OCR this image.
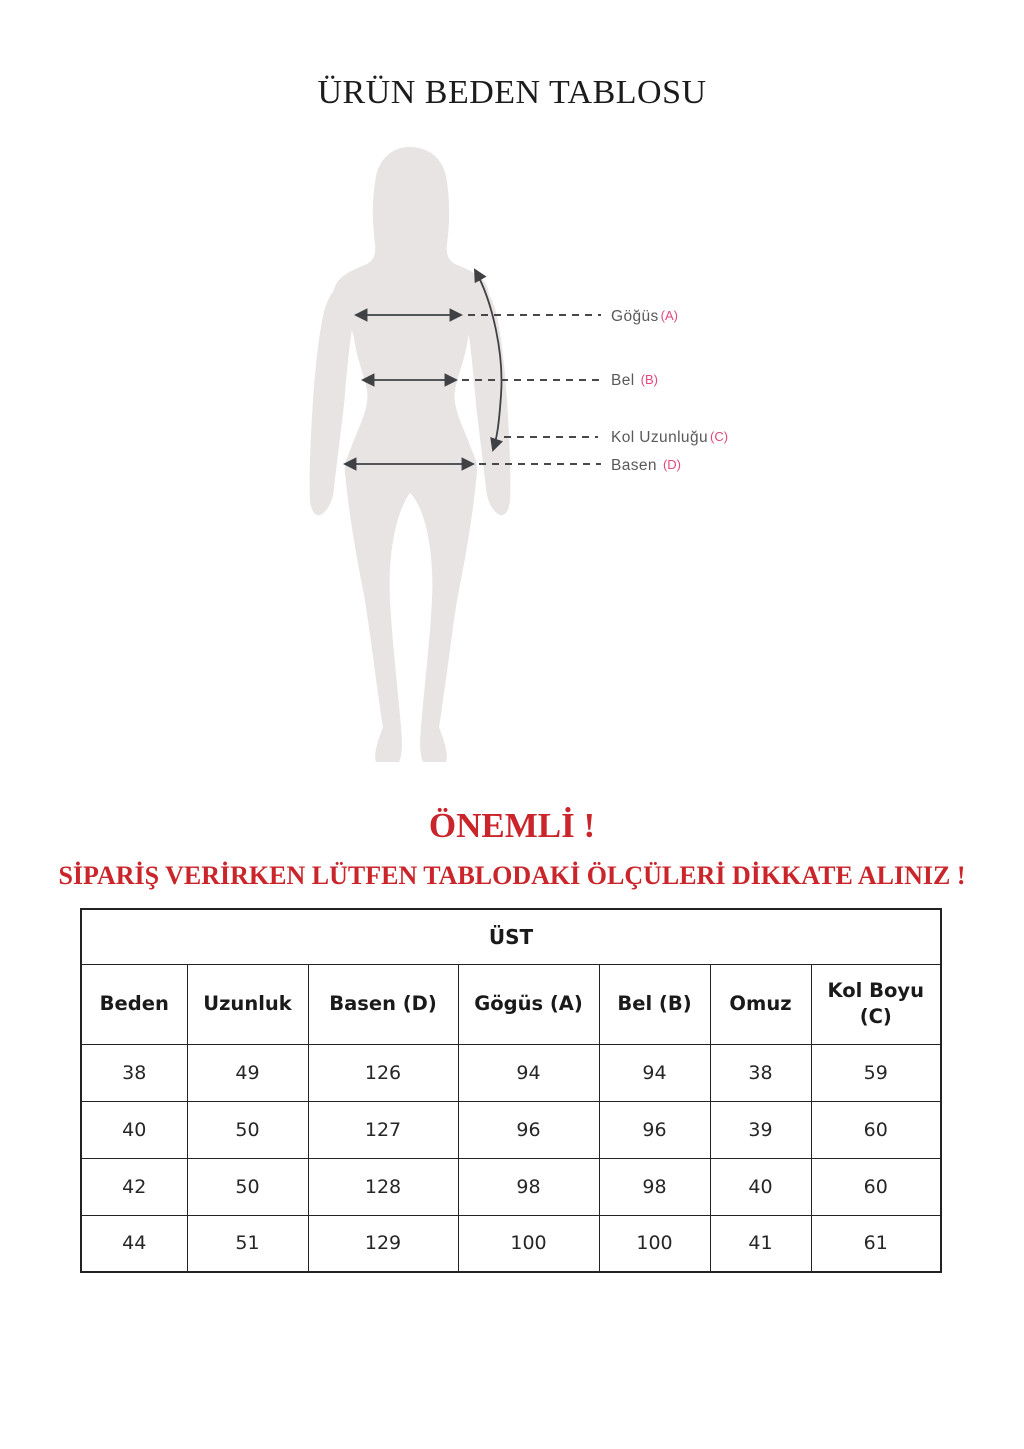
ÜRÜN BEDEN TABLOSU
Göğüs (A)
Bel (B)
Kol Uzunluğu (C)
Basen (D)
ÖNEMLİ !
SİPARİŞ VERİRKEN LÜTFEN TABLODAKİ ÖLÇÜLERİ DİKKATE ALINIZ !
ÜST						
Beden	Uzunluk	Basen (D)	Gögüs (A)	Bel (B)	Omuz	Kol Boyu (C)
38	49	126	94	94	38	59
40	50	127	96	96	39	60
42	50	128	98	98	40	60
44	51	129	100	100	41	61
